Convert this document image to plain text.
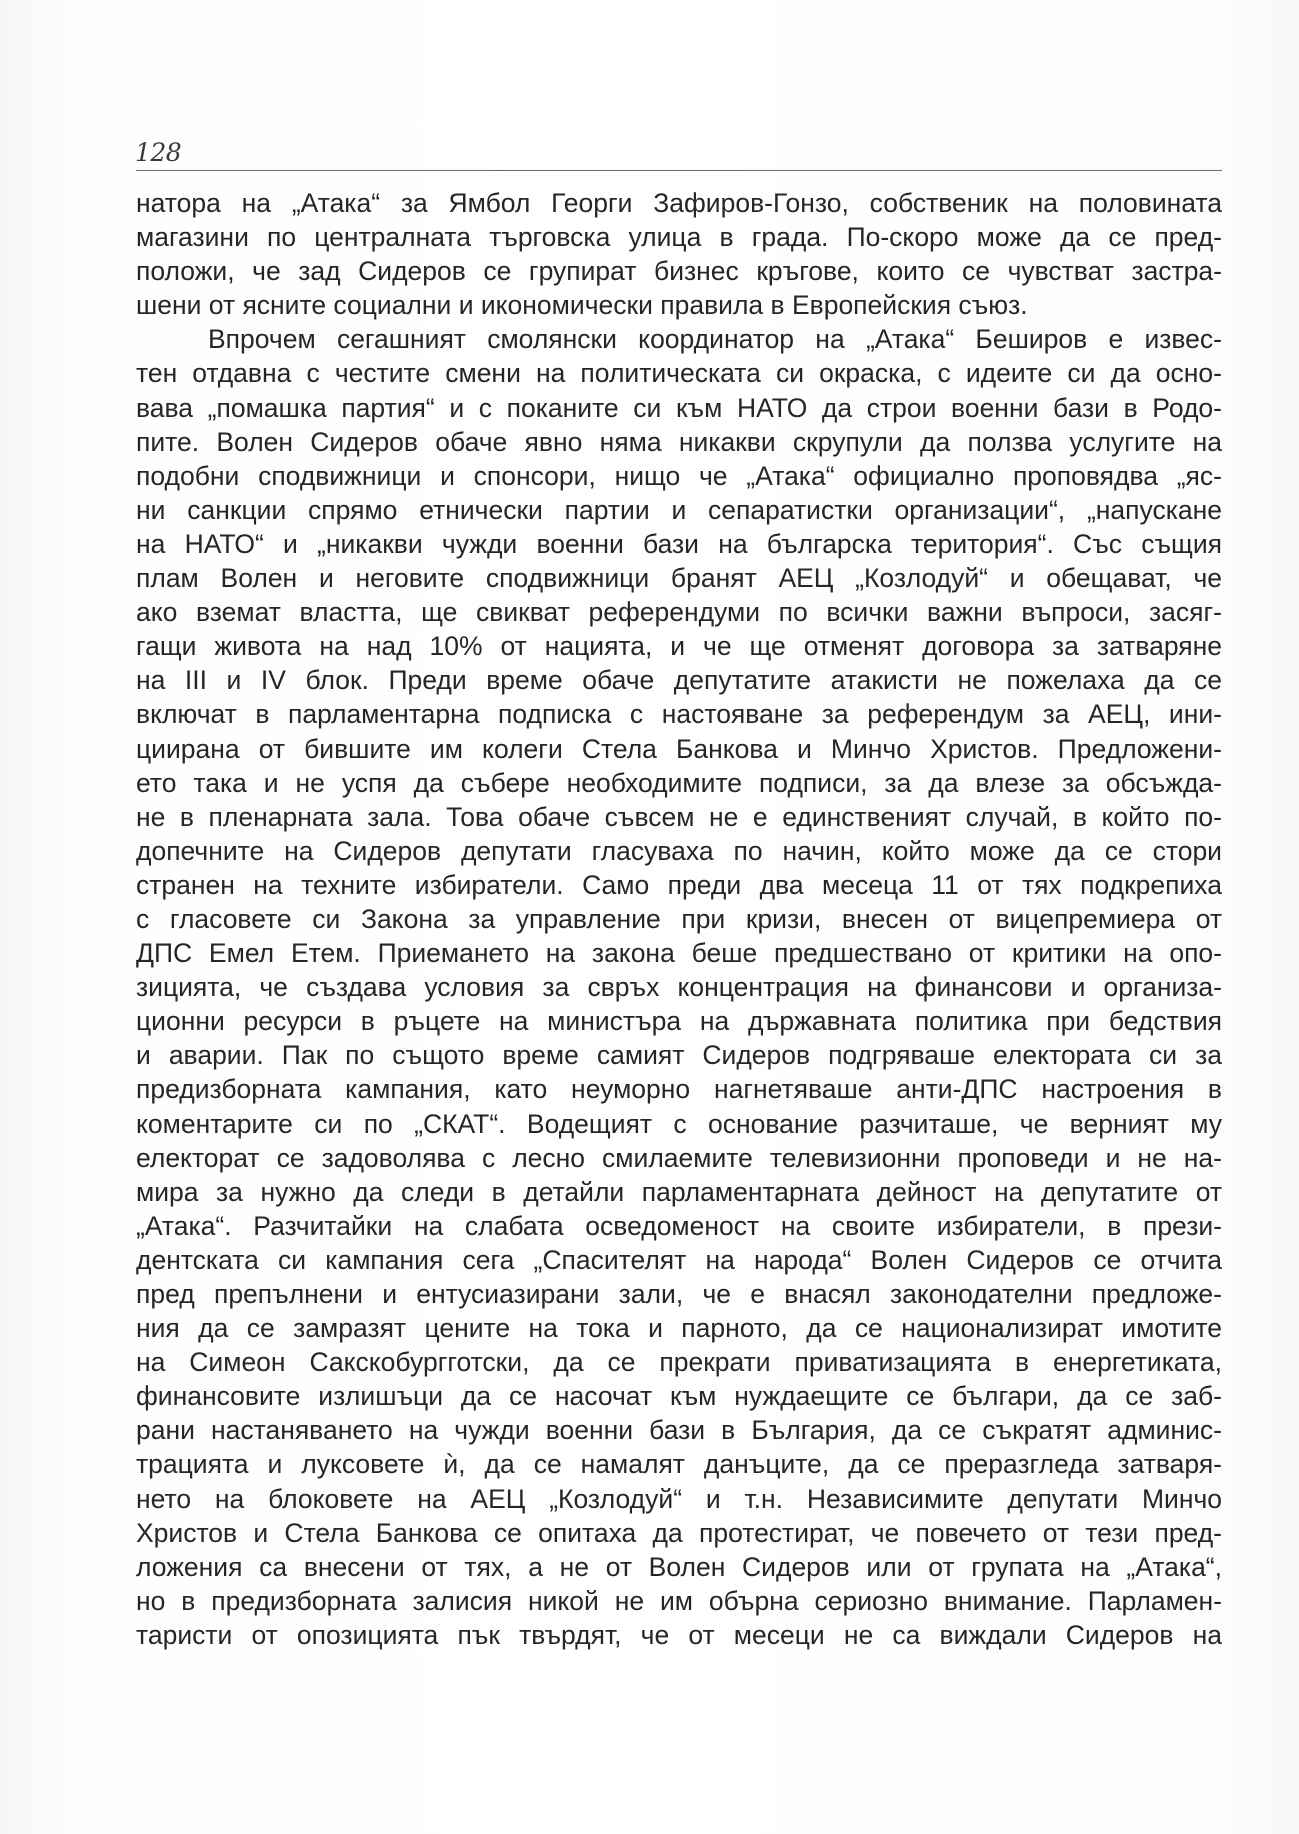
128
натора на „Атака“ за Ямбол Георги Зафиров-Гонзо, собственик на половината
магазини по централната търговска улица в града. По-скоро може да се пред-
положи, че зад Сидеров се групират бизнес кръгове, които се чувстват застра-
шени от ясните социални и икономически правила в Европейския съюз.
Впрочем сегашният смолянски координатор на „Атака“ Беширов е извес-
тен отдавна с честите смени на политическата си окраска, с идеите си да осно-
вава „помашка партия“ и с поканите си към НАТО да строи военни бази в Родо-
пите. Волен Сидеров обаче явно няма никакви скрупули да ползва услугите на
подобни сподвижници и спонсори, нищо че „Атака“ официално проповядва „яс-
ни санкции спрямо етнически партии и сепаратистки организации“, „напускане
на НАТО“ и „никакви чужди военни бази на българска територия“. Със същия
плам Волен и неговите сподвижници бранят АЕЦ „Козлодуй“ и обещават, че
ако вземат властта, ще свикват референдуми по всички важни въпроси, засяг-
гащи живота на над 10% от нацията, и че ще отменят договора за затваряне
на III и IV блок. Преди време обаче депутатите атакисти не пожелаха да се
включат в парламентарна подписка с настояване за референдум за АЕЦ, ини-
циирана от бившите им колеги Стела Банкова и Минчо Христов. Предложени-
ето така и не успя да събере необходимите подписи, за да влезе за обсъжда-
не в пленарната зала. Това обаче съвсем не е единственият случай, в който по-
допечните на Сидеров депутати гласуваха по начин, който може да се стори
странен на техните избиратели. Само преди два месеца 11 от тях подкрепиха
с гласовете си Закона за управление при кризи, внесен от вицепремиера от
ДПС Емел Етем. Приемането на закона беше предшествано от критики на опо-
зицията, че създава условия за свръх концентрация на финансови и организа-
ционни ресурси в ръцете на министъра на държавната политика при бедствия
и аварии. Пак по същото време самият Сидеров подгряваше електората си за
предизборната кампания, като неуморно нагнетяваше анти-ДПС настроения в
коментарите си по „СКАТ“. Водещият с основание разчиташе, че верният му
електорат се задоволява с лесно смилаемите телевизионни проповеди и не на-
мира за нужно да следи в детайли парламентарната дейност на депутатите от
„Атака“. Разчитайки на слабата осведоменост на своите избиратели, в прези-
дентската си кампания сега „Спасителят на народа“ Волен Сидеров се отчита
пред препълнени и ентусиазирани зали, че е внасял законодателни предложе-
ния да се замразят цените на тока и парното, да се национализират имотите
на Симеон Сакскобургготски, да се прекрати приватизацията в енергетиката,
финансовите излишъци да се насочат към нуждаещите се българи, да се заб-
рани настаняването на чужди военни бази в България, да се съкратят админис-
трацията и луксовете ѝ, да се намалят данъците, да се преразгледа затваря-
нето на блоковете на АЕЦ „Козлодуй“ и т.н. Независимите депутати Минчо
Христов и Стела Банкова се опитаха да протестират, че повечето от тези пред-
ложения са внесени от тях, а не от Волен Сидеров или от групата на „Атака“,
но в предизборната залисия никой не им обърна сериозно внимание. Парламен-
таристи от опозицията пък твърдят, че от месеци не са виждали Сидеров на
